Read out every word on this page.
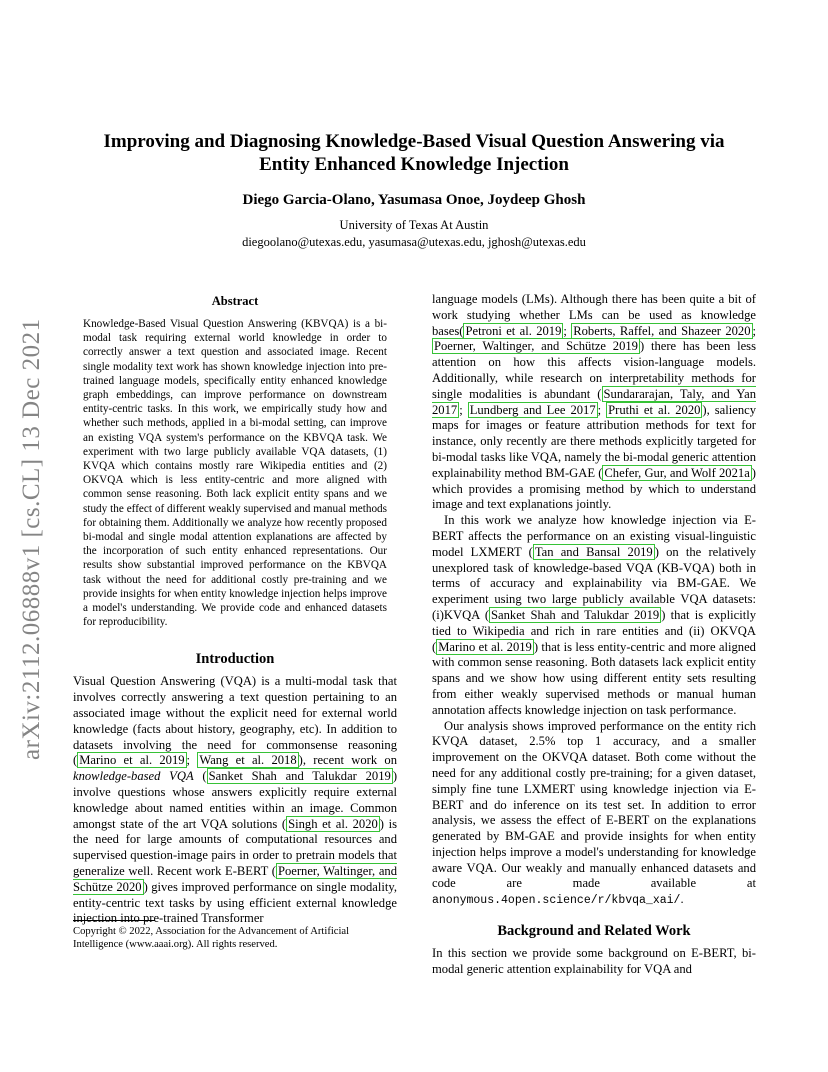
Improving and Diagnosing Knowledge-Based Visual Question Answering via Entity Enhanced Knowledge Injection
Diego Garcia-Olano, Yasumasa Onoe, Joydeep Ghosh
University of Texas At Austin
diegoolano@utexas.edu, yasumasa@utexas.edu, jghosh@utexas.edu
arXiv:2112.06888v1 [cs.CL] 13 Dec 2021
Abstract

Knowledge-Based Visual Question Answering (KBVQA) is a bi-modal task requiring external world knowledge in order to correctly answer a text question and associated image. Recent single modality text work has shown knowledge injection into pre-trained language models, specifically entity enhanced knowledge graph embeddings, can improve performance on downstream entity-centric tasks. In this work, we empirically study how and whether such methods, applied in a bi-modal setting, can improve an existing VQA system's performance on the KBVQA task. We experiment with two large publicly available VQA datasets, (1) KVQA which contains mostly rare Wikipedia entities and (2) OKVQA which is less entity-centric and more aligned with common sense reasoning. Both lack explicit entity spans and we study the effect of different weakly supervised and manual methods for obtaining them. Additionally we analyze how recently proposed bi-modal and single modal attention explanations are affected by the incorporation of such entity enhanced representations. Our results show substantial improved performance on the KBVQA task without the need for additional costly pre-training and we provide insights for when entity knowledge injection helps improve a model's understanding. We provide code and enhanced datasets for reproducibility.

Introduction

Visual Question Answering (VQA) is a multi-modal task that involves correctly answering a text question pertaining to an associated image without the explicit need for external world knowledge (facts about history, geography, etc). In addition to datasets involving the need for commonsense reasoning ( Marino et al. 2019 ; Wang et al. 2018 ), recent work on knowledge-based VQA ( Sanket Shah and Talukdar 2019 ) involve questions whose answers explicitly require external knowledge about named entities within an image. Common amongst state of the art VQA solutions ( Singh et al. 2020 ) is the need for large amounts of computational resources and supervised question-image pairs in order to pretrain models that generalize well. Recent work E-BERT ( Poerner, Waltinger, and Schütze 2020 ) gives improved performance on single modality, entity-centric text tasks by using efficient external knowledge injection into pre-trained Transformer

Copyright © 2022, Association for the Advancement of Artificial Intelligence (www.aaai.org). All rights reserved.

language models (LMs). Although there has been quite a bit of work studying whether LMs can be used as knowledge bases( Petroni et al. 2019 ; Roberts, Raffel, and Shazeer 2020 ; Poerner, Waltinger, and Schütze 2019 ) there has been less attention on how this affects vision-language models. Additionally, while research on interpretability methods for single modalities is abundant ( Sundararajan, Taly, and Yan 2017 ; Lundberg and Lee 2017 ; Pruthi et al. 2020 ), saliency maps for images or feature attribution methods for text for instance, only recently are there methods explicitly targeted for bi-modal tasks like VQA, namely the bi-modal generic attention explainability method BM-GAE ( Chefer, Gur, and Wolf 2021a ) which provides a promising method by which to understand image and text explanations jointly.

In this work we analyze how knowledge injection via E-BERT affects the performance on an existing visual-linguistic model LXMERT ( Tan and Bansal 2019 ) on the relatively unexplored task of knowledge-based VQA (KB-VQA) both in terms of accuracy and explainability via BM-GAE. We experiment using two large publicly available VQA datasets: (i)KVQA ( Sanket Shah and Talukdar 2019 ) that is explicitly tied to Wikipedia and rich in rare entities and (ii) OKVQA ( Marino et al. 2019 ) that is less entity-centric and more aligned with common sense reasoning. Both datasets lack explicit entity spans and we show how using different entity sets resulting from either weakly supervised methods or manual human annotation affects knowledge injection on task performance.

Our analysis shows improved performance on the entity rich KVQA dataset, 2.5% top 1 accuracy, and a smaller improvement on the OKVQA dataset. Both come without the need for any additional costly pre-training; for a given dataset, simply fine tune LXMERT using knowledge injection via E-BERT and do inference on its test set. In addition to error analysis, we assess the effect of E-BERT on the explanations generated by BM-GAE and provide insights for when entity injection helps improve a model's understanding for knowledge aware VQA. Our weakly and manually enhanced datasets and code are made available at anonymous.4open.science/r/kbvqa_xai/.

Background and Related Work

In this section we provide some background on E-BERT, bi-modal generic attention explainability for VQA and
